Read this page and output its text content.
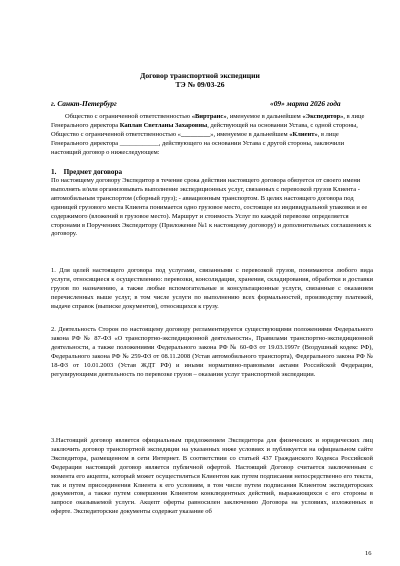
Договор транспортной экспедиции
ТЭ № 09/03-26
г. Санкт-Петербург	«09» марта 2026 года

Общество с ограниченной ответственностью «Виртранс», именуемое в дальнейшем «Экспедитор», в лице Генерального директора Каплан Светланы Захаровны, действующей на основании Устава, с одной стороны, Общество с ограниченной ответственностью «_________», именуемое в дальнейшем «Клиент», в лице Генерального директора ____________, действующего на основании Устава с другой стороны, заключили настоящий договор о нижеследующем:

1.    Предмет договора

По настоящему договору Экспедитор в течение срока действия настоящего договора обязуется от своего имени выполнять и/или организовывать выполнение экспедиционных услуг, связанных с перевозкой грузов Клиента - автомобильным транспортом (сборный груз); - авиационным транспортом. В целях настоящего договора под единицей грузового места Клиента понимается одно грузовое место, состоящее из индивидуальной упаковки и ее содержимого (вложений в грузовое место). Маршрут и стоимость Услуг по каждой перевозке определяется сторонами в Поручениях Экспедитору (Приложение №1 к настоящему договору) и дополнительных соглашениях к договору.

1. Для целей настоящего договора под услугами, связанными с перевозкой грузов, понимаются любого вида услуги, относящиеся к осуществлению: перевозки, консолидации, хранения, складирования, обработки и доставки грузов по назначению, а также любые вспомогательные и консультационные услуги, связанные с оказанием перечисленных выше услуг, в том числе услуги по выполнению всех формальностей, производству платежей, выдаче справок (выписке документов), относящихся к грузу.

2. Деятельность Сторон по настоящему договору регламентируется существующими положениями Федерального закона РФ № 87-ФЗ «О транспортно-экспедиционной деятельности», Правилами транспортно-экспедиционной деятельности, а также положениями Федерального закона РФ № 60-ФЗ от 19.03.1997г (Воздушный кодекс РФ), Федерального закона РФ № 259-ФЗ от 08.11.2008 (Устав автомобильного транспорта), Федерального закона РФ № 18-ФЗ от 10.01.2003 (Устав ЖДТ РФ) и иными нормативно-правовыми актами Российской Федерации, регулирующими деятельность по перевозке грузов – оказания услуг транспортной экспедиции.

3.Настоящий договор является официальным предложением Экспедитора для физических и юридических лиц заключить договор транспортной экспедиции на указанных ниже условиях и публикуется на официальном сайте Экспедитора, размещенном в сети Интернет. В соответствии со статьей 437 Гражданского Кодекса Российской Федерации настоящий договор является публичной офертой. Настоящий Договор считается заключенным с момента его акцепта, который может осуществляться Клиентом как путем подписания непосредственно его текста, так и путем присоединения Клиента к его условиям, в том числе путем подписания Клиентом экспедиторских документов, а также путем совершения Клиентом конклюдентных действий, выражающихся с его стороны в запросе оказываемой услуги. Акцепт оферты равносилен заключению Договора на условиях, изложенных в оферте. Экспедиторские документы содержат указание об

16
